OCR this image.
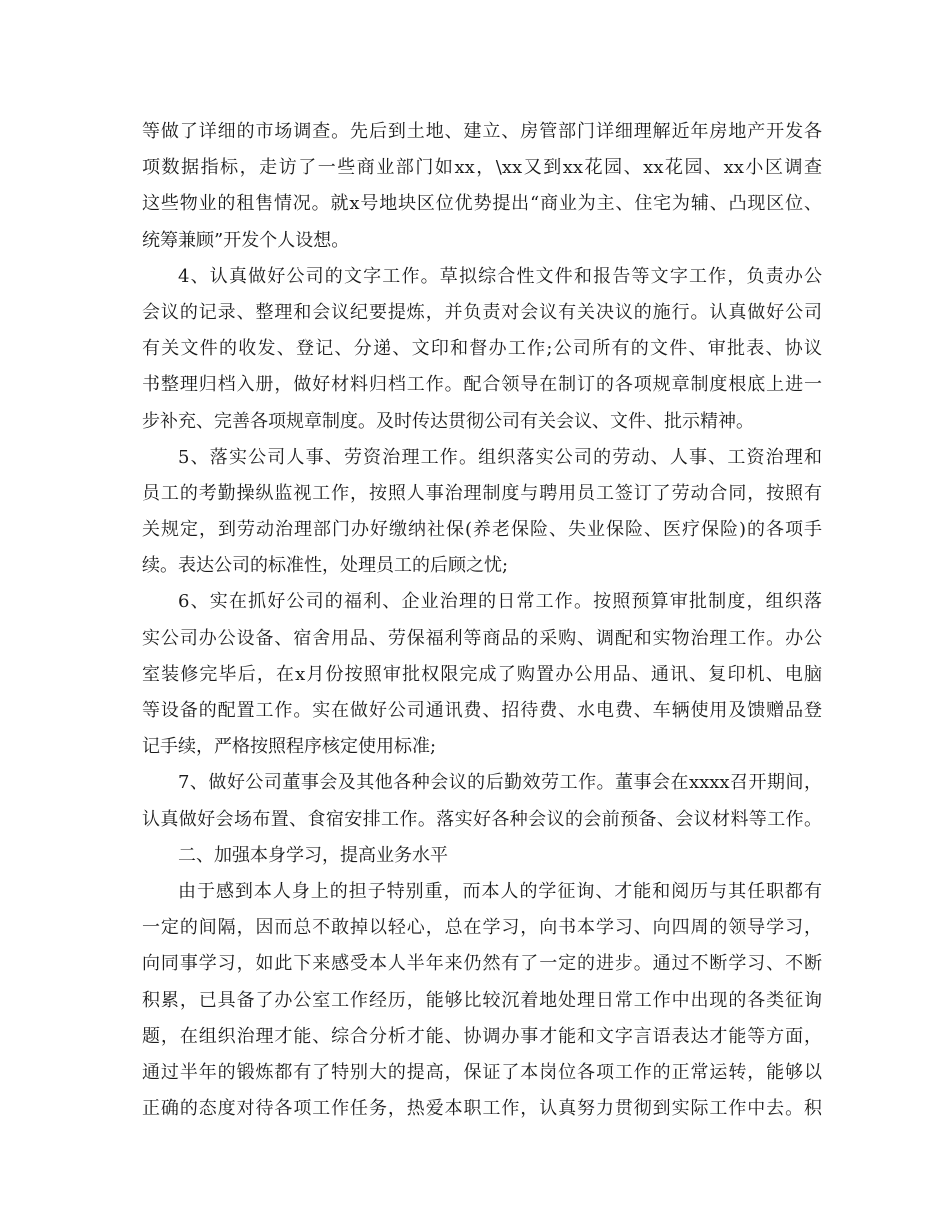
等做了详细的市场调查。先后到土地、建立、房管部门详细理解近年房地产开发各
项数据指标，走访了一些商业部门如xx，\xx又到xx花园、xx花园、xx小区调查
这些物业的租售情况。就x号地块区位优势提出“商业为主、住宅为辅、凸现区位、
统筹兼顾”开发个人设想。
4、认真做好公司的文字工作。草拟综合性文件和报告等文字工作，负责办公
会议的记录、整理和会议纪要提炼，并负责对会议有关决议的施行。认真做好公司
有关文件的收发、登记、分递、文印和督办工作;公司所有的文件、审批表、协议
书整理归档入册，做好材料归档工作。配合领导在制订的各项规章制度根底上进一
步补充、完善各项规章制度。及时传达贯彻公司有关会议、文件、批示精神。
5、落实公司人事、劳资治理工作。组织落实公司的劳动、人事、工资治理和
员工的考勤操纵监视工作，按照人事治理制度与聘用员工签订了劳动合同，按照有
关规定，到劳动治理部门办好缴纳社保(养老保险、失业保险、医疗保险)的各项手
续。表达公司的标准性，处理员工的后顾之忧;
6、实在抓好公司的福利、企业治理的日常工作。按照预算审批制度，组织落
实公司办公设备、宿舍用品、劳保福利等商品的采购、调配和实物治理工作。办公
室装修完毕后，在x月份按照审批权限完成了购置办公用品、通讯、复印机、电脑
等设备的配置工作。实在做好公司通讯费、招待费、水电费、车辆使用及馈赠品登
记手续，严格按照程序核定使用标准;
7、做好公司董事会及其他各种会议的后勤效劳工作。董事会在xxxx召开期间，
认真做好会场布置、食宿安排工作。落实好各种会议的会前预备、会议材料等工作。
二、加强本身学习，提高业务水平
由于感到本人身上的担子特别重，而本人的学征询、才能和阅历与其任职都有
一定的间隔，因而总不敢掉以轻心，总在学习，向书本学习、向四周的领导学习，
向同事学习，如此下来感受本人半年来仍然有了一定的进步。通过不断学习、不断
积累，已具备了办公室工作经历，能够比较沉着地处理日常工作中出现的各类征询
题，在组织治理才能、综合分析才能、协调办事才能和文字言语表达才能等方面，
通过半年的锻炼都有了特别大的提高，保证了本岗位各项工作的正常运转，能够以
正确的态度对待各项工作任务，热爱本职工作，认真努力贯彻到实际工作中去。积
